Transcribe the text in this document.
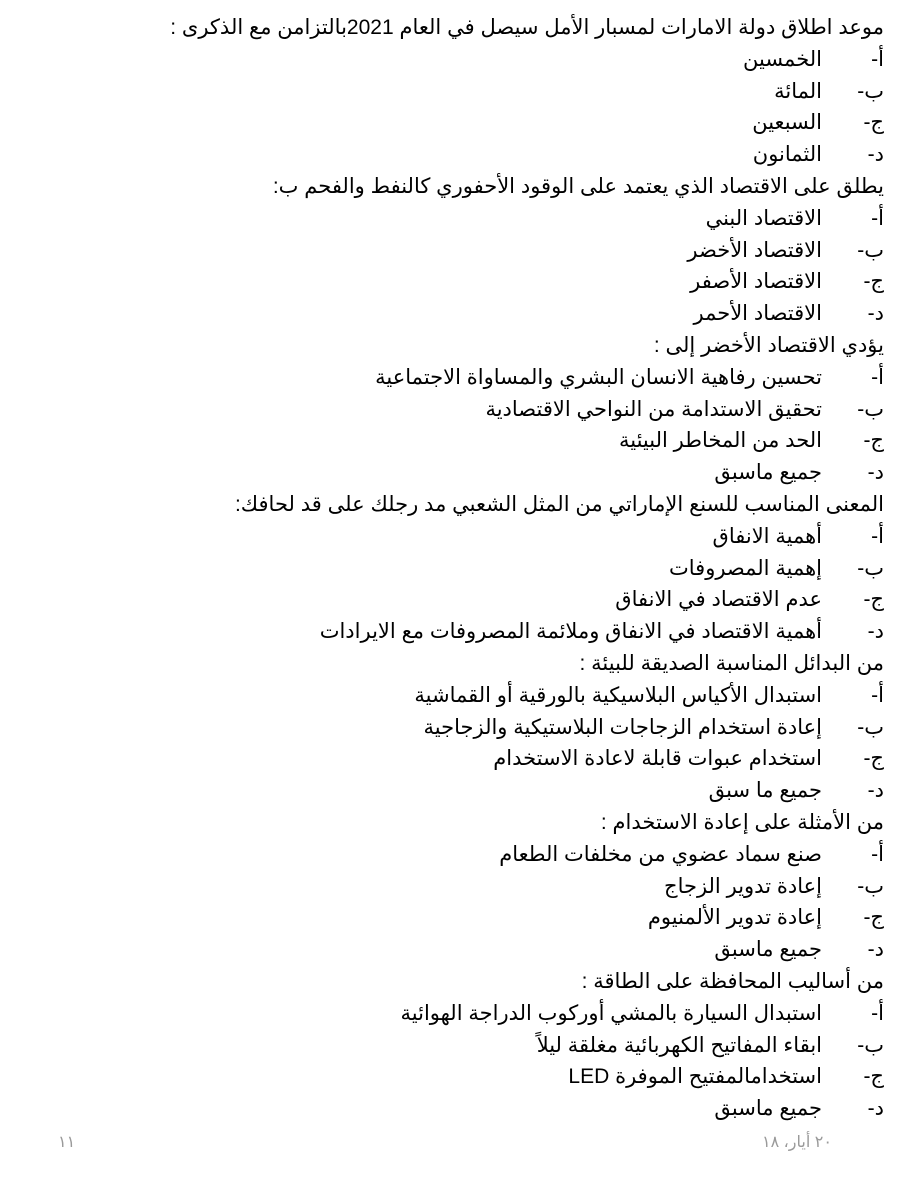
موعد اطلاق دولة الامارات لمسبار الأمل سيصل في العام 2021بالتزامن مع الذكرى :
أ-
الخمسين
ب-
المائة
ج-
السبعين
د-
الثمانون
يطلق على الاقتصاد الذي يعتمد على الوقود الأحفوري كالنفط والفحم ب:
أ-
الاقتصاد البني
ب-
الاقتصاد الأخضر
ج-
الاقتصاد الأصفر
د-
الاقتصاد الأحمر
يؤدي الاقتصاد الأخضر إلى :
أ-
تحسين رفاهية الانسان البشري والمساواة الاجتماعية
ب-
تحقيق الاستدامة من النواحي الاقتصادية
ج-
الحد من المخاطر البيئية
د-
جميع ماسبق
المعنى المناسب للسنع الإماراتي من المثل الشعبي مد رجلك على قد لحافك:
أ-
أهمية الانفاق
ب-
إهمية المصروفات
ج-
عدم الاقتصاد في الانفاق
د-
أهمية الاقتصاد في الانفاق وملائمة المصروفات مع الايرادات
من البدائل المناسبة الصديقة للبيئة :
أ-
استبدال الأكياس البلاسيكية بالورقية أو القماشية
ب-
إعادة استخدام الزجاجات البلاستيكية والزجاجية
ج-
استخدام عبوات قابلة لاعادة الاستخدام
د-
جميع ما سبق
من الأمثلة على إعادة الاستخدام :
أ-
صنع سماد عضوي من مخلفات الطعام
ب-
إعادة تدوير الزجاج
ج-
إعادة تدوير الألمنيوم
د-
جميع ماسبق
من أساليب المحافظة على الطاقة :
أ-
استبدال السيارة بالمشي أوركوب الدراجة الهوائية
ب-
ابقاء المفاتيح الكهربائية مغلقة ليلاً
ج-
استخدامالمفتيح الموفرة LED
د-
جميع ماسبق
٢٠ أيار، ١٨
١١
